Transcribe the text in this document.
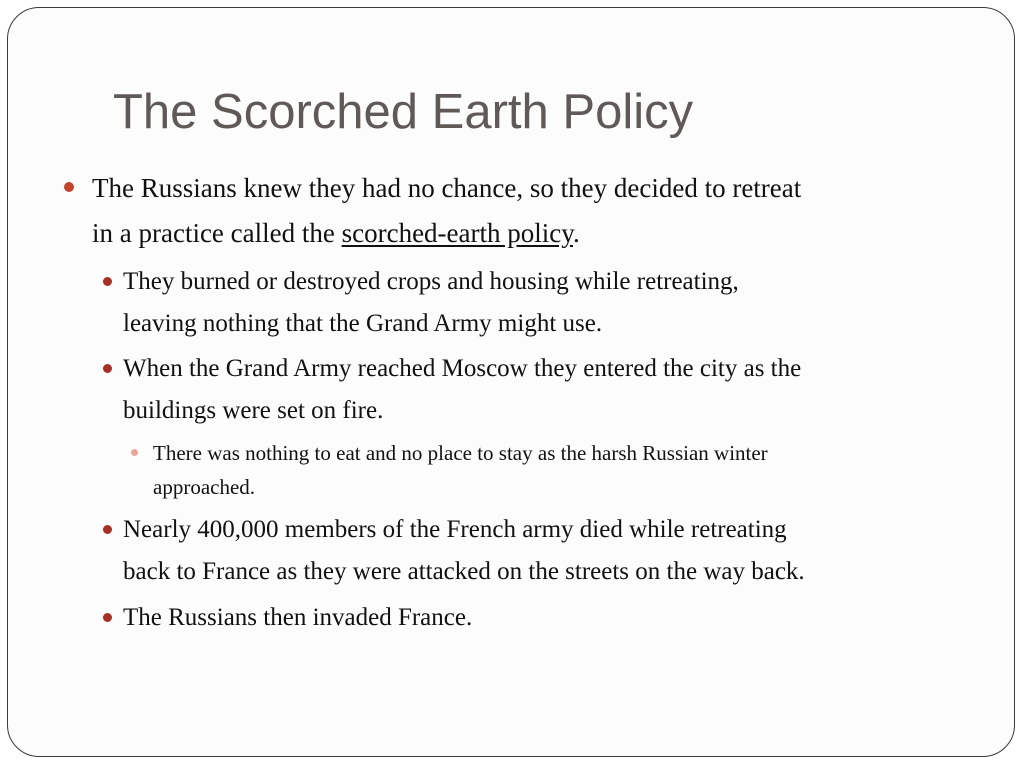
The Scorched Earth Policy
The Russians knew they had no chance, so they decided to retreat
in a practice called the scorched-earth policy.
They burned or destroyed crops and housing while retreating,
leaving nothing that the Grand Army might use.
When the Grand Army reached Moscow they entered the city as the
buildings were set on fire.
There was nothing to eat and no place to stay as the harsh Russian winter
approached.
Nearly 400,000 members of the French army died while retreating
back to France as they were attacked on the streets on the way back.
The Russians then invaded France.
